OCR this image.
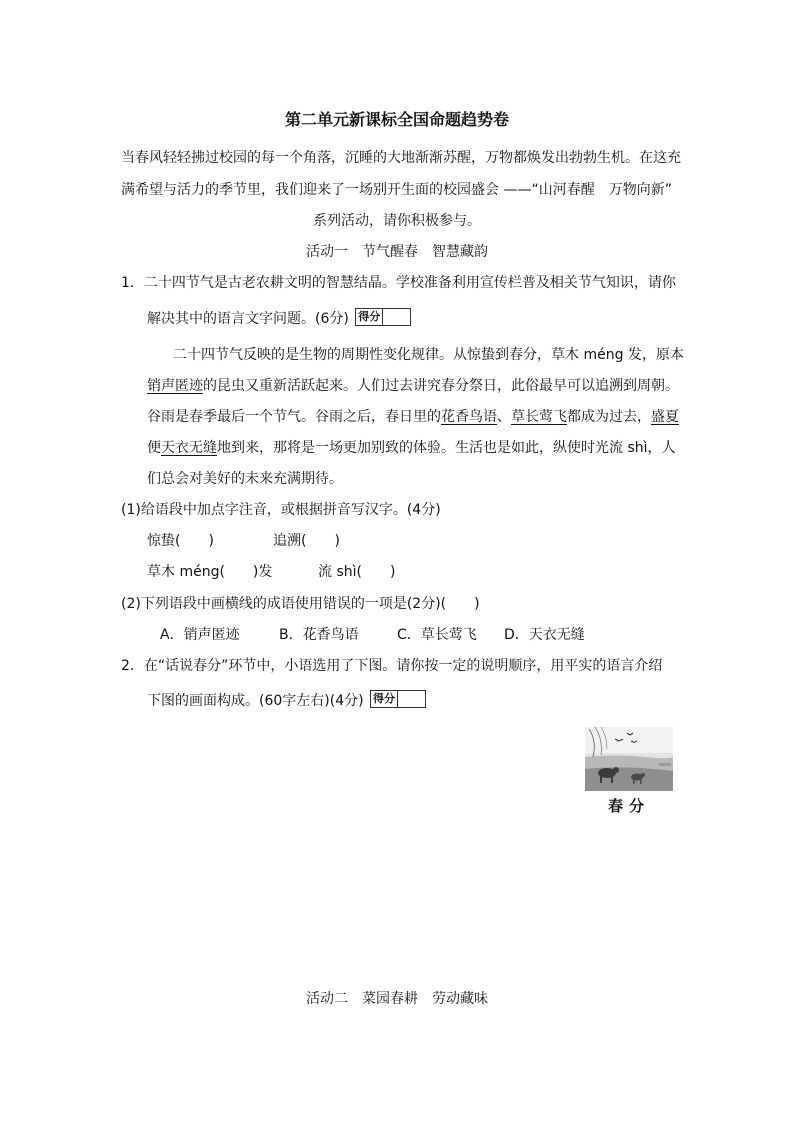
第二单元新课标全国命题趋势卷
当春风轻轻拂过校园的每一个角落，沉睡的大地渐渐苏醒，万物都焕发出勃勃生机。在这充
满希望与活力的季节里，我们迎来了一场别开生面的校园盛会 ——“山河春醒　万物向新”
系列活动，请你积极参与。
活动一　节气醒春　智慧藏韵
1．二十四节气是古老农耕文明的智慧结晶。学校准备利用宣传栏普及相关节气知识，请你
解决其中的语言文字问题。(6分) 得分
二十四节气反映的是生物的周期性变化规律。从惊蛰到春分，草木 méng 发，原本
销声匿迹的昆虫又重新活跃起来。人们过去讲究春分祭日，此俗最早可以追溯到周朝。
谷雨是春季最后一个节气。谷雨之后，春日里的花香鸟语、草长莺飞都成为过去，盛夏
便天衣无缝地到来，那将是一场更加别致的体验。生活也是如此，纵使时光流 shì，人
们总会对美好的未来充满期待。
(1)给语段中加点字注音，或根据拼音写汉字。(4分)
惊蛰(　　)	追溯(　　)
草木 méng(　　)发	流 shì(　　)
(2)下列语段中画横线的成语使用错误的一项是(2分)(　　)
A．销声匿迹	B．花香鸟语	C．草长莺飞 D．天衣无缝
2．在“话说春分”环节中，小语选用了下图。请你按一定的说明顺序，用平实的语言介绍
下图的画面构成。(60字左右)(4分) 得分
春分
活动二　菜园春耕　劳动藏味
